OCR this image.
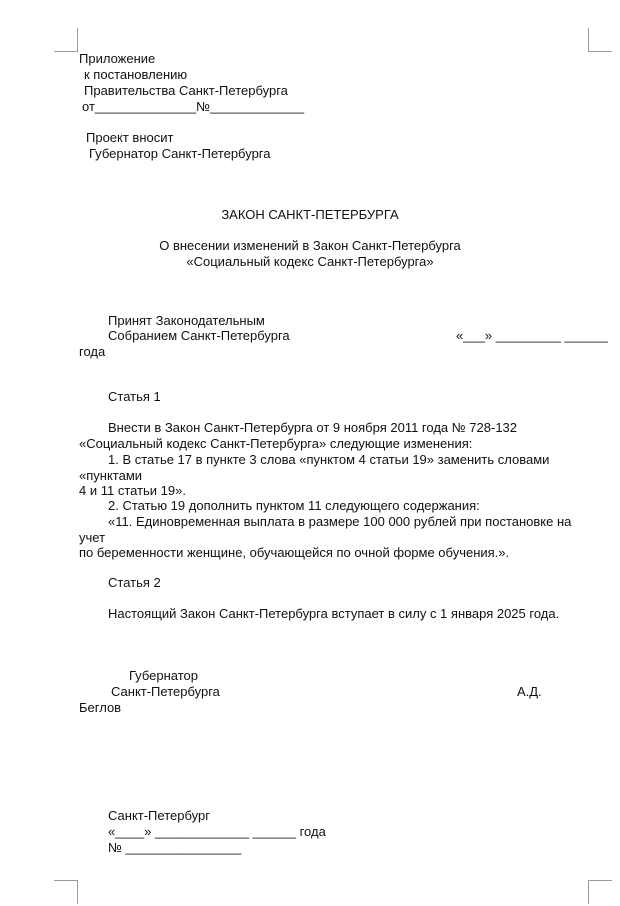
Приложение
к постановлению
Правительства Санкт-Петербурга
от______________№_____________
Проект вносит
Губернатор Санкт-Петербурга
ЗАКОН САНКТ-ПЕТЕРБУРГА
О внесении изменений в Закон Санкт-Петербурга
«Социальный кодекс Санкт-Петербурга»
Принят Законодательным
Собранием Санкт-Петербурга	«___» _________ ______
года
Статья 1
Внести в Закон Санкт-Петербурга от 9 ноября 2011 года № 728-132
«Социальный кодекс Санкт-Петербурга» следующие изменения:
1. В статье 17 в пункте 3 слова «пунктом 4 статьи 19» заменить словами
«пунктами
4 и 11 статьи 19».
2. Статью 19 дополнить пунктом 11 следующего содержания:
«11. Единовременная выплата в размере 100 000 рублей при постановке на
учет
по беременности женщине, обучающейся по очной форме обучения.».
Статья 2
Настоящий Закон Санкт-Петербурга вступает в силу с 1 января 2025 года.
Губернатор
Санкт-Петербурга	А.Д.
Беглов
Санкт-Петербург
«____» _____________ ______ года
№ ________________
